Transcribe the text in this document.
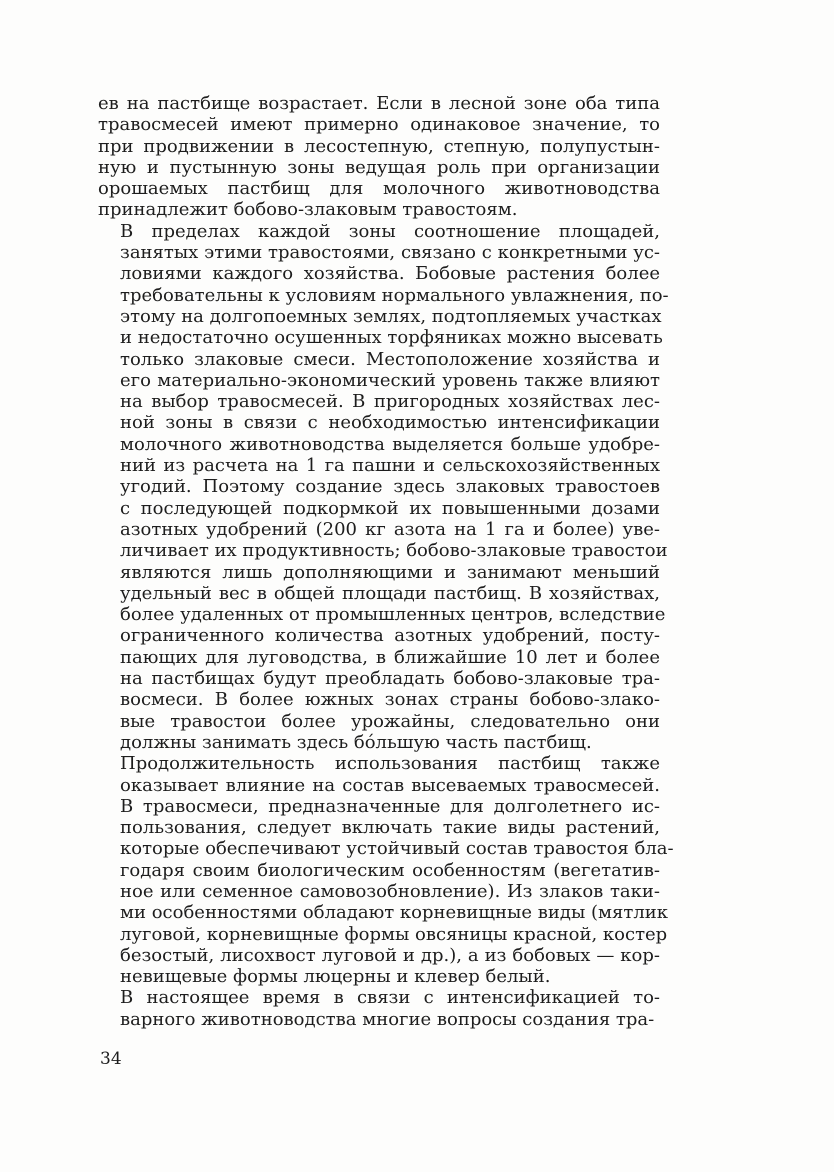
ев на пастбище возрастает. Если в лесной зоне оба типа
травосмесей имеют примерно одинаковое значение, то
при продвижении в лесостепную, степную, полупустын-
ную и пустынную зоны ведущая роль при организации
орошаемых пастбищ для молочного животноводства
принадлежит бобово-злаковым травостоям.
В пределах каждой зоны соотношение площадей,
занятых этими травостоями, связано с конкретными ус-
ловиями каждого хозяйства. Бобовые растения более
требовательны к условиям нормального увлажнения, по-
этому на долгопоемных землях, подтопляемых участках
и недостаточно осушенных торфяниках можно высевать
только злаковые смеси. Местоположение хозяйства и
его материально-экономический уровень также влияют
на выбор травосмесей. В пригородных хозяйствах лес-
ной зоны в связи с необходимостью интенсификации
молочного животноводства выделяется больше удобре-
ний из расчета на 1 га пашни и сельскохозяйственных
угодий. Поэтому создание здесь злаковых травостоев
с последующей подкормкой их повышенными дозами
азотных удобрений (200 кг азота на 1 га и более) уве-
личивает их продуктивность; бобово-злаковые травостои
являются лишь дополняющими и занимают меньший
удельный вес в общей площади пастбищ. В хозяйствах,
более удаленных от промышленных центров, вследствие
ограниченного количества азотных удобрений, посту-
пающих для луговодства, в ближайшие 10 лет и более
на пастбищах будут преобладать бобово-злаковые тра-
восмеси. В более южных зонах страны бобово-злако-
вые травостои более урожайны, следовательно они
должны занимать здесь бо́льшую часть пастбищ.
Продолжительность использования пастбищ также
оказывает влияние на состав высеваемых травосмесей.
В травосмеси, предназначенные для долголетнего ис-
пользования, следует включать такие виды растений,
которые обеспечивают устойчивый состав травостоя бла-
годаря своим биологическим особенностям (вегетатив-
ное или семенное самовозобновление). Из злаков таки-
ми особенностями обладают корневищные виды (мятлик
луговой, корневищные формы овсяницы красной, костер
безостый, лисохвост луговой и др.), а из бобовых — кор-
невищевые формы люцерны и клевер белый.
В настоящее время в связи с интенсификацией то-
варного животноводства многие вопросы создания тра-
34
